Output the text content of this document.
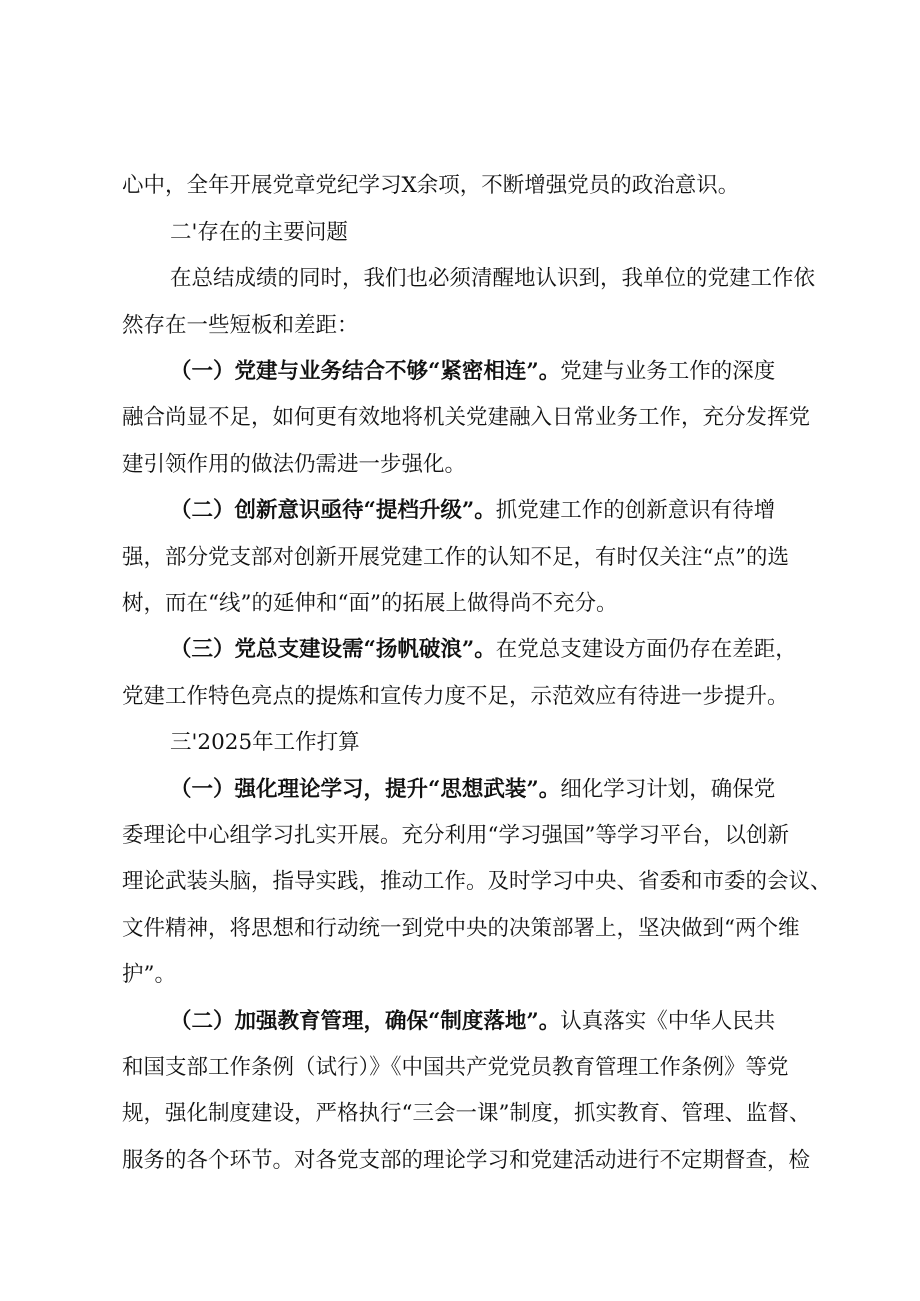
心中，全年开展党章党纪学习X余项，不断增强党员的政治意识。
二'存在的主要问题
在总结成绩的同时，我们也必须清醒地认识到，我单位的党建工作依
然存在一些短板和差距：
（一）党建与业务结合不够“紧密相连”。党建与业务工作的深度
融合尚显不足，如何更有效地将机关党建融入日常业务工作，充分发挥党
建引领作用的做法仍需进一步强化。
（二）创新意识亟待“提档升级”。抓党建工作的创新意识有待增
强，部分党支部对创新开展党建工作的认知不足，有时仅关注“点”的选
树，而在“线”的延伸和“面”的拓展上做得尚不充分。
（三）党总支建设需“扬帆破浪”。在党总支建设方面仍存在差距，
党建工作特色亮点的提炼和宣传力度不足，示范效应有待进一步提升。
三'2025年工作打算
（一）强化理论学习，提升“思想武装”。细化学习计划，确保党
委理论中心组学习扎实开展。充分利用“学习强国”等学习平台，以创新
理论武装头脑，指导实践，推动工作。及时学习中央、省委和市委的会议、
文件精神，将思想和行动统一到党中央的决策部署上，坚决做到“两个维
护”。
（二）加强教育管理，确保“制度落地”。认真落实《中华人民共
和国支部工作条例（试行）》《中国共产党党员教育管理工作条例》等党
规，强化制度建设，严格执行“三会一课”制度，抓实教育、管理、监督、
服务的各个环节。对各党支部的理论学习和党建活动进行不定期督查，检
